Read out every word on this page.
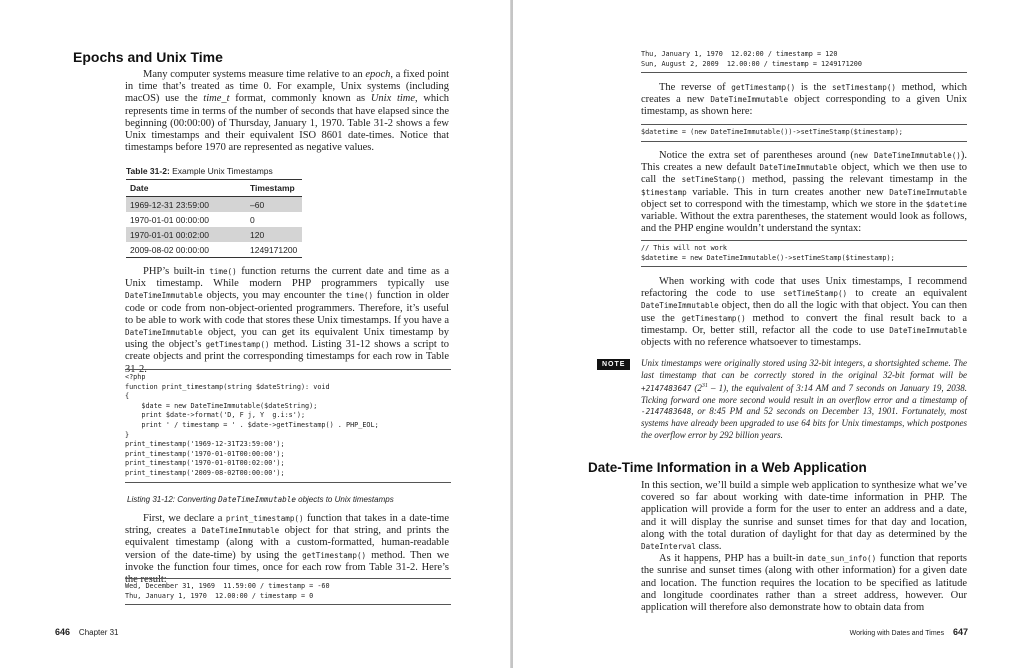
Epochs and Unix Time

Many computer systems measure time relative to an epoch, a fixed point in time that’s treated as time 0. For example, Unix systems (including macOS) use the time_t format, commonly known as Unix time, which represents time in terms of the number of seconds that have elapsed since the beginning (00:00:00) of Thursday, January 1, 1970. Table 31-2 shows a few Unix timestamps and their equivalent ISO 8601 date-times. Notice that timestamps before 1970 are represented as negative values.

Table 31-2: Example Unix Timestamps
Date	Timestamp
1969-12-31 23:59:00	–60
1970-01-01 00:00:00	0
1970-01-01 00:02:00	120
2009-08-02 00:00:00	1249171200

PHP’s built-in time() function returns the current date and time as a Unix timestamp. While modern PHP programmers typically use DateTimeImmutable objects, you may encounter the time() function in older code or code from non-object-oriented programmers. Therefore, it’s useful to be able to work with code that stores these Unix timestamps. If you have a DateTimeImmutable object, you can get its equivalent Unix timestamp by using the object’s getTimestamp() method. Listing 31-12 shows a script to create objects and print the corresponding timestamps for each row in Table 31-2.

<?php
function print_timestamp(string $dateString): void
{
$date = new DateTimeImmutable($dateString);
print $date->format('D, F j, Y  g.i:s');
print ' / timestamp = ' . $date->getTimestamp() . PHP_EOL;
}
print_timestamp('1969-12-31T23:59:00');
print_timestamp('1970-01-01T00:00:00');
print_timestamp('1970-01-01T00:02:00');
print_timestamp('2009-08-02T00:00:00');
Listing 31-12: Converting DateTimeImmutable objects to Unix timestamps

First, we declare a print_timestamp() function that takes in a date-time string, creates a DateTimeImmutable object for that string, and prints the equivalent timestamp (along with a custom-formatted, human-readable version of the date-time) by using the getTimestamp() method. Then we invoke the function four times, once for each row from Table 31-2. Here’s the result:

Wed, December 31, 1969  11.59:00 / timestamp = -60
Thu, January 1, 1970  12.00:00 / timestamp = 0
646 Chapter 31
Thu, January 1, 1970  12.02:00 / timestamp = 120
Sun, August 2, 2009  12.00:00 / timestamp = 1249171200

The reverse of getTimestamp() is the setTimestamp() method, which creates a new DateTimeImmutable object corresponding to a given Unix timestamp, as shown here:

$datetime = (new DateTimeImmutable())->setTimeStamp($timestamp);

Notice the extra set of parentheses around (new DateTimeImmutable()). This creates a new default DateTimeImmutable object, which we then use to call the setTimeStamp() method, passing the relevant timestamp in the $timestamp variable. This in turn creates another new DateTimeImmutable object set to correspond with the timestamp, which we store in the $datetime variable. Without the extra parentheses, the statement would look as follows, and the PHP engine wouldn’t understand the syntax:

// This will not work
$datetime = new DateTimeImmutable()->setTimeStamp($timestamp);

When working with code that uses Unix timestamps, I recommend refactoring the code to use setTimeStamp() to create an equivalent DateTimeImmutable object, then do all the logic with that object. You can then use the getTimestamp() method to convert the final result back to a timestamp. Or, better still, refactor all the code to use DateTimeImmutable objects with no reference whatsoever to timestamps.

NOTE	Unix timestamps were originally stored using 32-bit integers, a shortsighted scheme. The last timestamp that can be correctly stored in the original 32-bit format will be +2147483647 $(2^{31} - 1)$, the equivalent of 3:14 AM and 7 seconds on January 19, 2038. Ticking forward one more second would result in an overflow error and a timestamp of -2147483648, or 8:45 PM and 52 seconds on December 13, 1901. Fortunately, most systems have already been upgraded to use 64 bits for Unix timestamps, which postpones the overflow error by 292 billion years.
Date-Time Information in a Web Application

In this section, we’ll build a simple web application to synthesize what we’ve covered so far about working with date-time information in PHP. The application will provide a form for the user to enter an address and a date, and it will display the sunrise and sunset times for that day and location, along with the total duration of daylight for that day as determined by the DateInterval class.

As it happens, PHP has a built-in date_sun_info() function that reports the sunrise and sunset times (along with other information) for a given date and location. The function requires the location to be specified as latitude and longitude coordinates rather than a street address, however. Our application will therefore also demonstrate how to obtain data from

Working with Dates and Times 647
